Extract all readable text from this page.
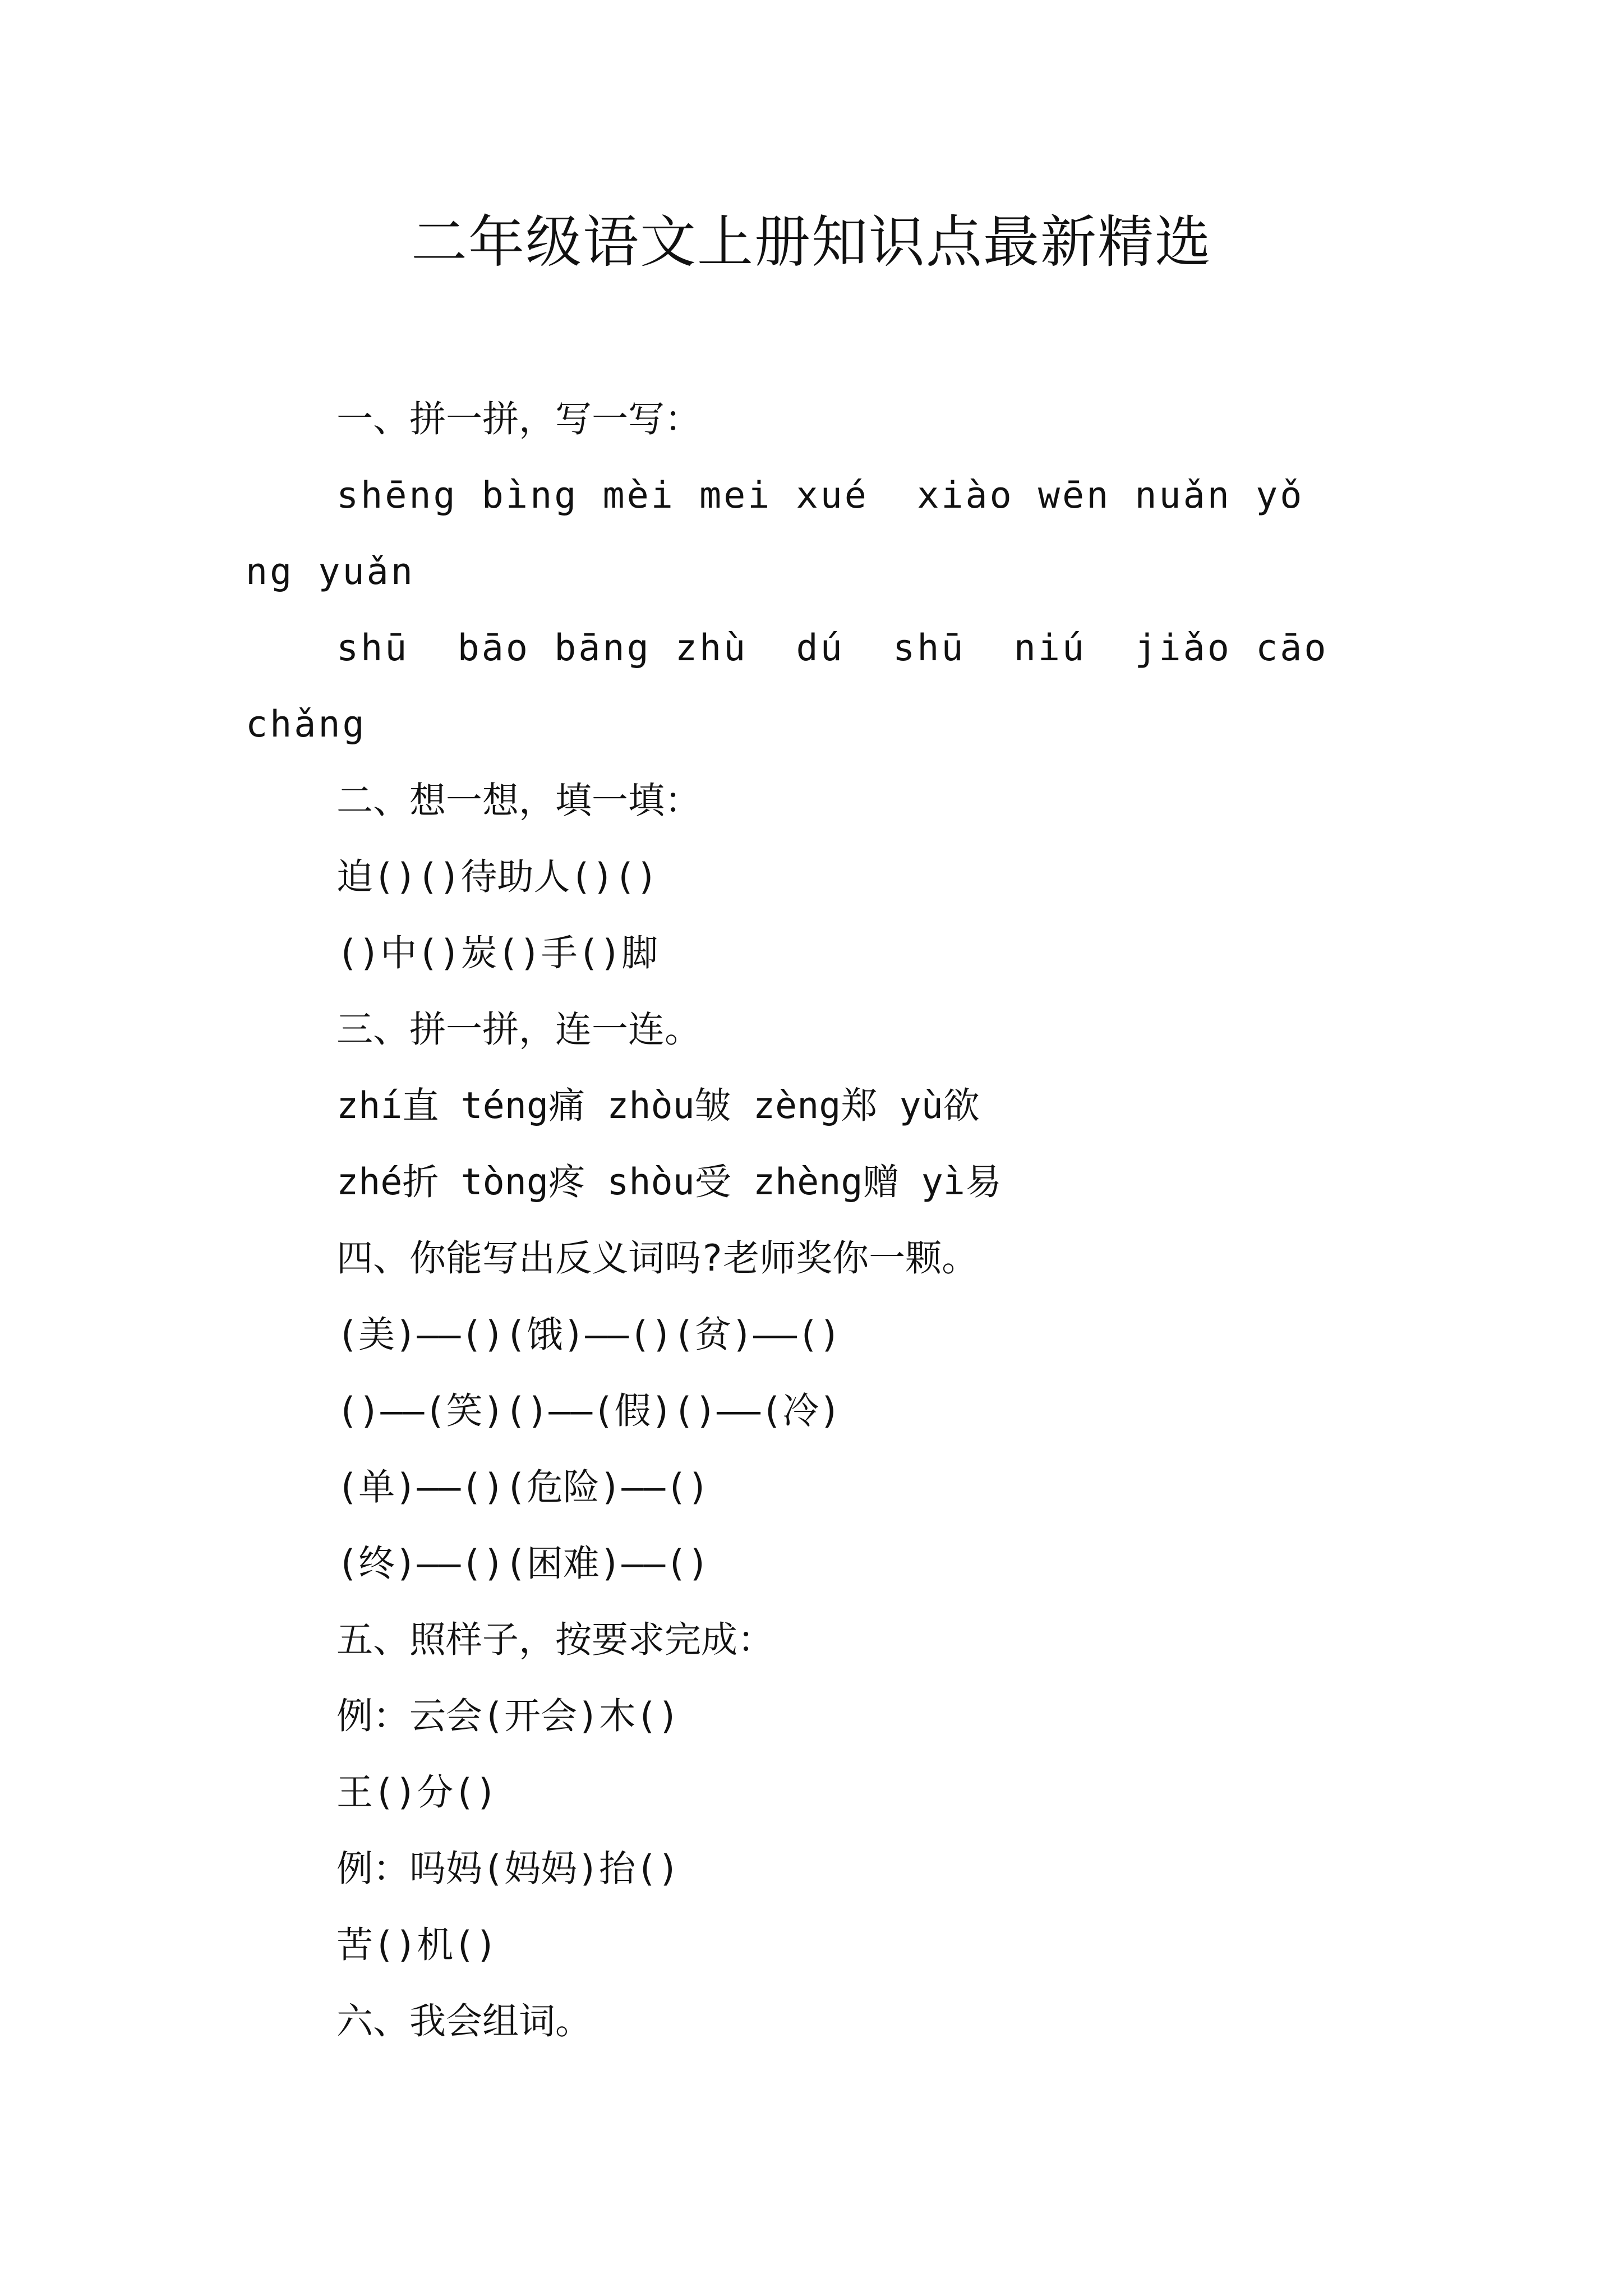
二年级语文上册知识点最新精选
一、拼一拼，写一写：
shēng bìng mèi mei xué  xiào wēn nuǎn yǒ
ng yuǎn
shū  bāo bāng zhù  dú  shū  niú  jiǎo cāo
chǎng
二、想一想，填一填：
迫()()待助人()()
()中()炭()手()脚
三、拼一拼，连一连。
zhí直 téng痛 zhòu皱 zèng郑 yù欲
zhé折 tòng疼 shòu受 zhèng赠 yì易
四、你能写出反义词吗?老师奖你一颗。
(美)——()(饿)——()(贫)——()
()——(笑)()——(假)()——(冷)
(单)——()(危险)——()
(终)——()(困难)——()
五、照样子，按要求完成：
例：云会(开会)木()
王()分()
例：吗妈(妈妈)抬()
苦()机()
六、我会组词。
